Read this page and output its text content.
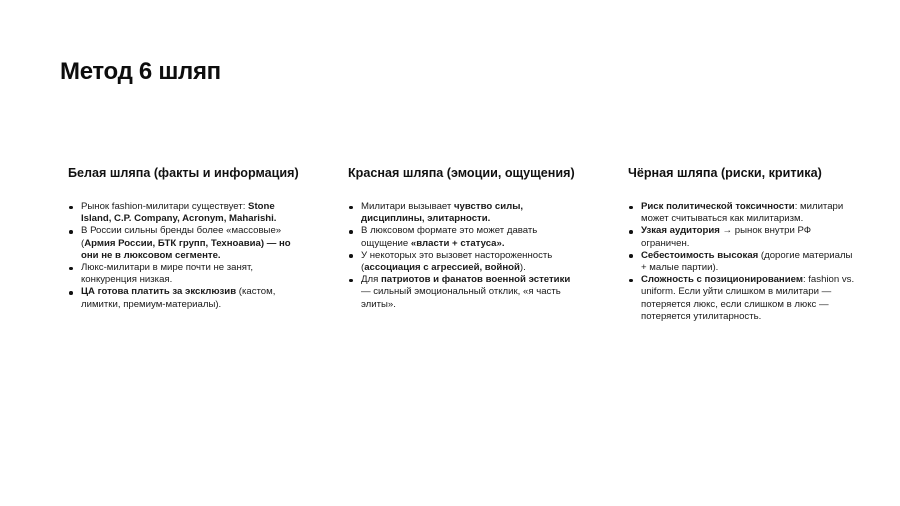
Метод 6 шляп
Белая шляпа (факты и информация)
Рынок fashion-милитари существует: Stone Island, C.P. Company, Acronym, Maharishi.
В России сильны бренды более «массовые» (Армия России, БТК групп, Техноавиа) — но они не в люксовом сегменте.
Люкс-милитари в мире почти не занят, конкуренция низкая.
ЦА готова платить за эксклюзив (кастом, лимитки, премиум-материалы).
Красная шляпа (эмоции, ощущения)
Милитари вызывает чувство силы, дисциплины, элитарности.
В люксовом формате это может давать ощущение «власти + статуса».
У некоторых это вызовет настороженность (ассоциация с агрессией, войной).
Для патриотов и фанатов военной эстетики — сильный эмоциональный отклик, «я часть элиты».
Чёрная шляпа (риски, критика)
Риск политической токсичности: милитари может считываться как милитаризм.
Узкая аудитория → рынок внутри РФ ограничен.
Себестоимость высокая (дорогие материалы + малые партии).
Сложность с позиционированием: fashion vs. uniform. Если уйти слишком в милитари — потеряется люкс, если слишком в люкс — потеряется утилитарность.
